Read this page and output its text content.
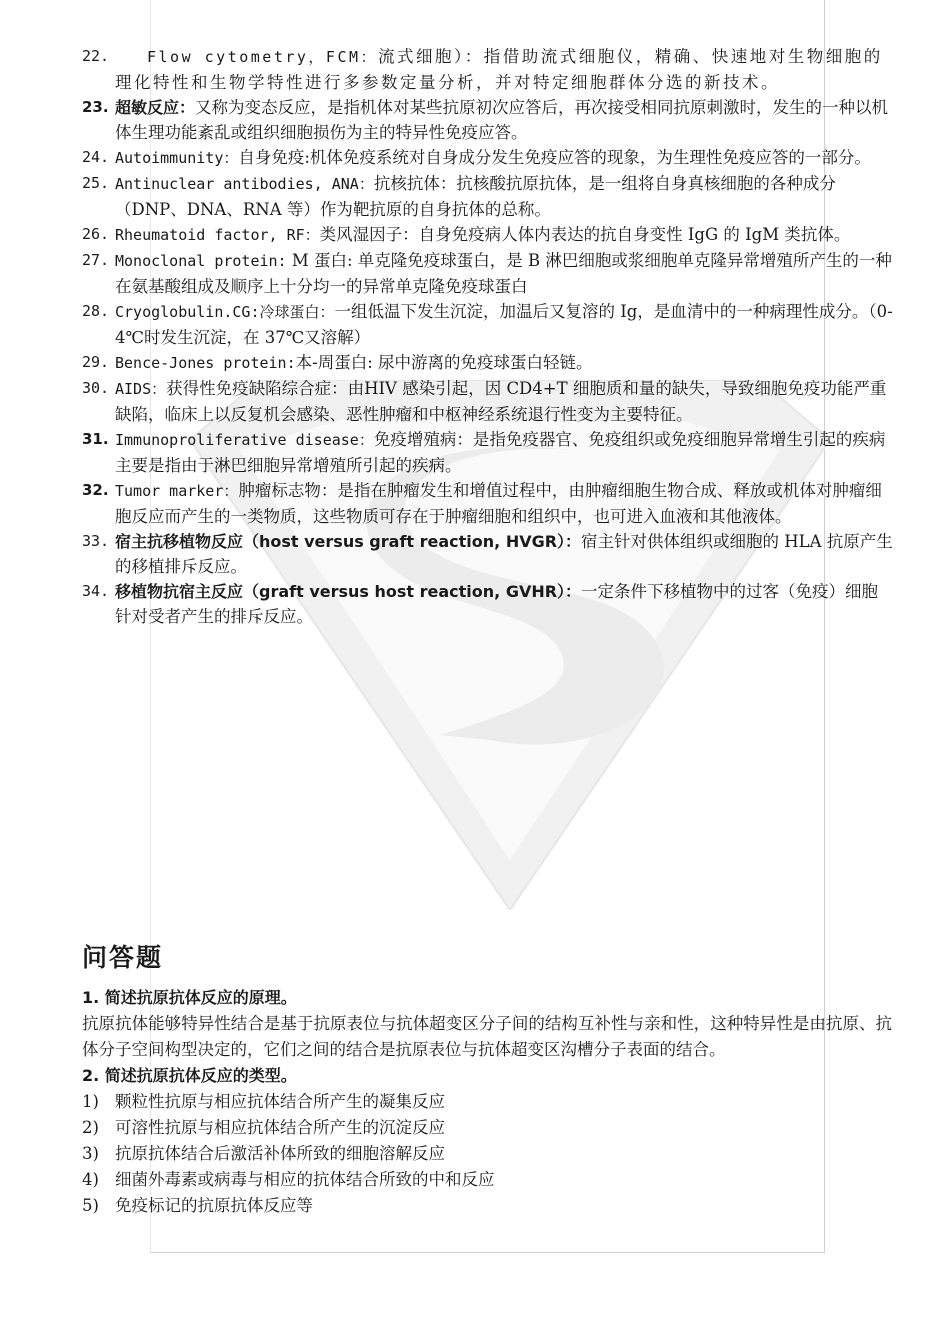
22.	Flow cytometry，FCM：流式细胞）：指借助流式细胞仪，精确、快速地对生物细胞的理化特性和生物学特性进行多参数定量分析，并对特定细胞群体分选的新技术。
23. 超敏反应：又称为变态反应，是指机体对某些抗原初次应答后，再次接受相同抗原刺激时，发生的一种以机体生理功能紊乱或组织细胞损伤为主的特异性免疫应答。
24. Autoimmunity：自身免疫:机体免疫系统对自身成分发生免疫应答的现象，为生理性免疫应答的一部分。
25. Antinuclear antibodies, ANA：抗核抗体：抗核酸抗原抗体，是一组将自身真核细胞的各种成分（DNP、DNA、RNA 等）作为靶抗原的自身抗体的总称。
26. Rheumatoid factor, RF：类风湿因子：自身免疫病人体内表达的抗自身变性 IgG 的 IgM 类抗体。
27. Monoclonal protein: M 蛋白: 单克隆免疫球蛋白，是 B 淋巴细胞或浆细胞单克隆异常增殖所产生的一种在氨基酸组成及顺序上十分均一的异常单克隆免疫球蛋白
28. Cryoglobulin.CG:冷球蛋白：一组低温下发生沉淀，加温后又复溶的 Ig，是血清中的一种病理性成分。（0-4℃时发生沉淀，在 37℃又溶解）
29. Bence-Jones protein:本-周蛋白: 尿中游离的免疫球蛋白轻链。
30. AIDS：获得性免疫缺陷综合症：由HIV 感染引起，因 CD4+T 细胞质和量的缺失，导致细胞免疫功能严重缺陷，临床上以反复机会感染、恶性肿瘤和中枢神经系统退行性变为主要特征。
31. Immunoproliferative disease：免疫增殖病：是指免疫器官、免疫组织或免疫细胞异常增生引起的疾病主要是指由于淋巴细胞异常增殖所引起的疾病。
32. Tumor marker：肿瘤标志物：是指在肿瘤发生和增值过程中，由肿瘤细胞生物合成、释放或机体对肿瘤细胞反应而产生的一类物质，这些物质可存在于肿瘤细胞和组织中，也可进入血液和其他液体。
33. 宿主抗移植物反应（host versus graft reaction, HVGR）：宿主针对供体组织或细胞的 HLA 抗原产生的移植排斥反应。
34. 移植物抗宿主反应（graft versus host reaction, GVHR）：一定条件下移植物中的过客（免疫）细胞针对受者产生的排斥反应。
问答题
1. 简述抗原抗体反应的原理。
抗原抗体能够特异性结合是基于抗原表位与抗体超变区分子间的结构互补性与亲和性，这种特异性是由抗原、抗体分子空间构型决定的，它们之间的结合是抗原表位与抗体超变区沟槽分子表面的结合。
2. 简述抗原抗体反应的类型。
1) 颗粒性抗原与相应抗体结合所产生的凝集反应
2) 可溶性抗原与相应抗体结合所产生的沉淀反应
3) 抗原抗体结合后激活补体所致的细胞溶解反应
4) 细菌外毒素或病毒与相应的抗体结合所致的中和反应
5) 免疫标记的抗原抗体反应等
